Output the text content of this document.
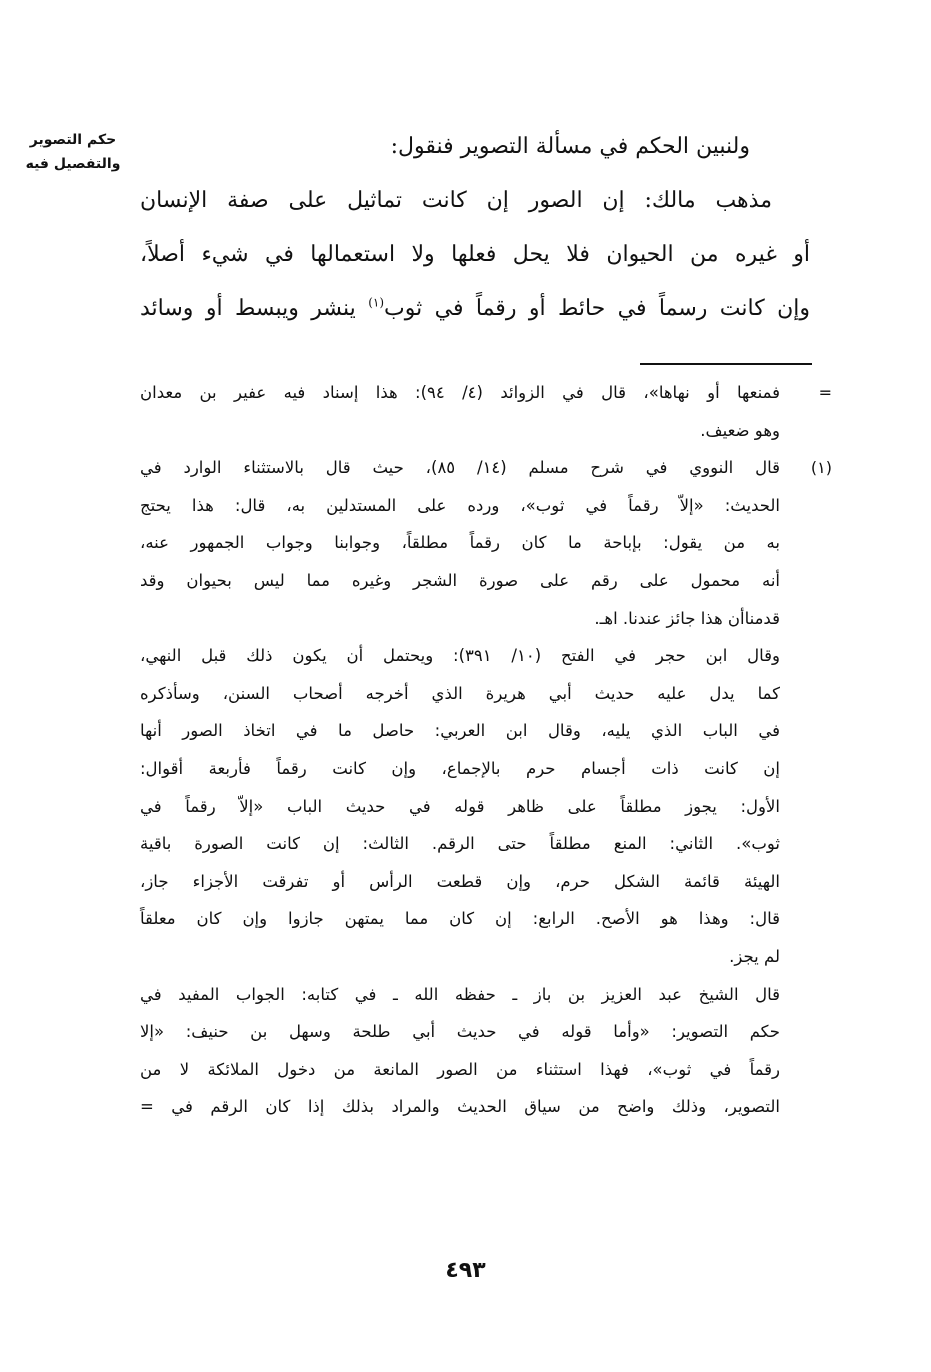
حكم التصوير
والتفصيل فيه
ولنبين الحكم في مسألة التصوير فنقول:
مذهب مالك: إن الصور إن كانت تماثيل على صفة الإنسان
أو غيره من الحيوان فلا يحل فعلها ولا استعمالها في شيء أصلاً،
وإن كانت رسماً في حائط أو رقماً في ثوب$^{(١)}$ ينشر ويبسط أو وسائد
=
فمنعها أو نهاها»، قال في الزوائد (٤/ ٩٤): هذا إسناد فيه عفير بن معدان
وهو ضعيف.
(١)
قال النووي في شرح مسلم (١٤/ ٨٥)، حيث قال بالاستثناء الوارد في
الحديث: «إلاّ رقماً في ثوب»، ورده على المستدلين به، قال: هذا يحتج
به من يقول: بإباحة ما كان رقماً مطلقاً، وجوابنا وجواب الجمهور عنه،
أنه محمول على رقم على صورة الشجر وغيره مما ليس بحيوان وقد
قدمناأن هذا جائز عندنا. اهـ.
وقال ابن حجر في الفتح (١٠/ ٣٩١): ويحتمل أن يكون ذلك قبل النهي،
كما يدل عليه حديث أبي هريرة الذي أخرجه أصحاب السنن، وسأذكره
في الباب الذي يليه، وقال ابن العربي: حاصل ما في اتخاذ الصور أنها
إن كانت ذات أجسام حرم بالإجماع، وإن كانت رقماً فأربعة أقوال:
الأول: يجوز مطلقاً على ظاهر قوله في حديث الباب «إلاّ رقماً في
ثوب». الثاني: المنع مطلقاً حتى الرقم. الثالث: إن كانت الصورة باقية
الهيئة قائمة الشكل حرم، وإن قطعت الرأس أو تفرقت الأجزاء جاز،
قال: وهذا هو الأصح. الرابع: إن كان مما يمتهن جازوا وإن كان معلقاً
لم يجز.
قال الشيخ عبد العزيز بن باز ـ حفظه الله ـ في كتابه: الجواب المفيد في
حكم التصوير: «وأما قوله في حديث أبي طلحة وسهل بن حنيف: «إلا
رقماً في ثوب»، فهذا استثناء من الصور المانعة من دخول الملائكة لا من
التصوير، وذلك واضح من سياق الحديث والمراد بذلك إذا كان الرقم في =
٤٩٣
